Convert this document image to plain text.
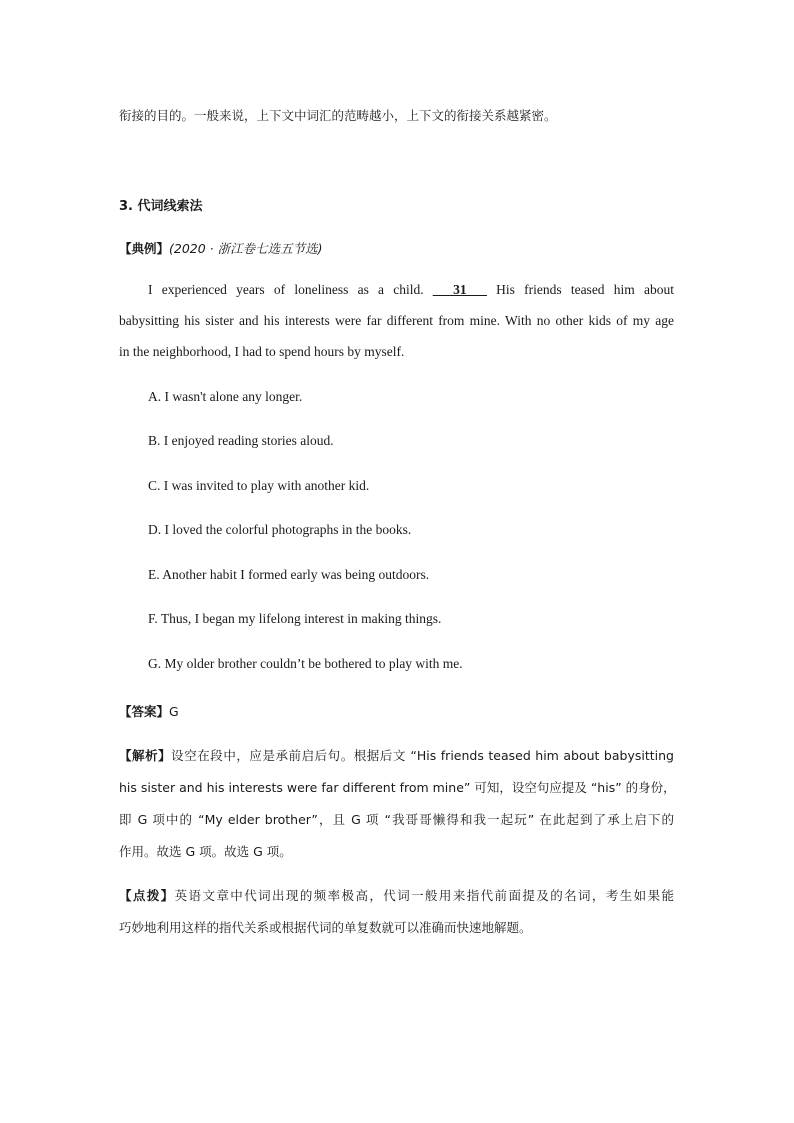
衔接的目的。一般来说，上下文中词汇的范畴越小，上下文的衔接关系越紧密。
3. 代词线索法
【典例】(2020 · 浙江卷七选五节选)
I experienced years of loneliness as a child. ___31___ His friends teased him about
babysitting his sister and his interests were far different from mine. With no other kids of my age
in the neighborhood, I had to spend hours by myself.
A. I wasn't alone any longer.
B. I enjoyed reading stories aloud.
C. I was invited to play with another kid.
D. I loved the colorful photographs in the books.
E. Another habit I formed early was being outdoors.
F. Thus, I began my lifelong interest in making things.
G. My older brother couldn’t be bothered to play with me.
【答案】G
【解析】设空在段中，应是承前启后句。根据后文 “His friends teased him about babysitting
his sister and his interests were far different from mine” 可知，设空句应提及 “his” 的身份，
即 G 项中的 “My elder brother”，且 G 项 “我哥哥懒得和我一起玩” 在此起到了承上启下的
作用。故选 G 项。故选 G 项。
【点拨】英语文章中代词出现的频率极高，代词一般用来指代前面提及的名词，考生如果能
巧妙地利用这样的指代关系或根据代词的单复数就可以准确而快速地解题。
